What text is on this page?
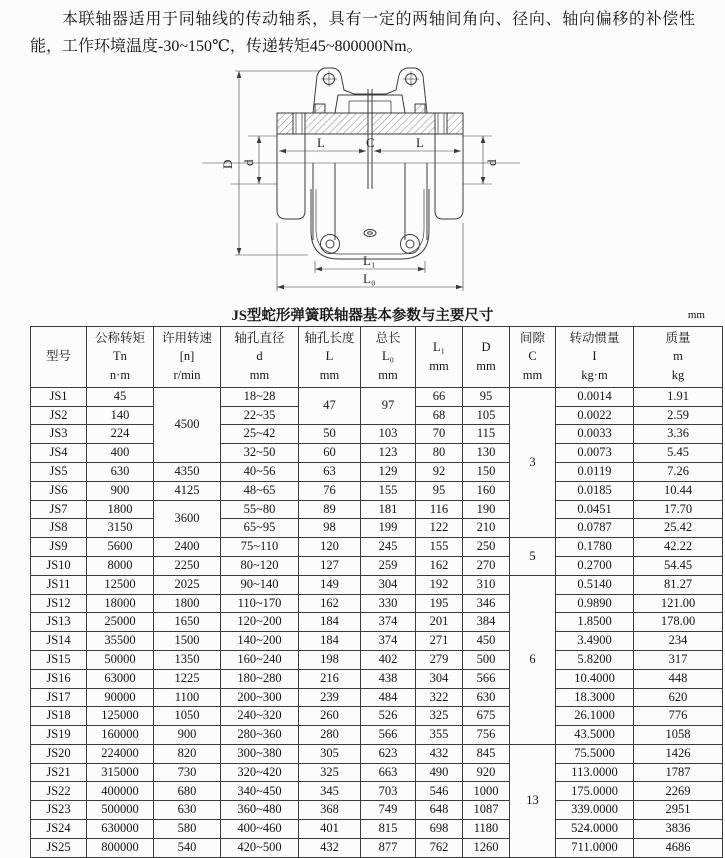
本联轴器适用于同轴线的传动轴系，具有一定的两轴间角向、径向、轴向偏移的补偿性能，工作环境温度-30~150℃，传递转矩45~800000Nm。

D d	d
L	C	L
L₁
L₀
JS型蛇形弹簧联轴器基本参数与主要尺寸	mm
型号	公称转矩
Tn
n·m	许用转速
[n]
r/min	轴孔直径
d
mm	轴孔长度
L
mm	总长
L₀
mm	L₁
mm	D
mm	间隙
C
mm	转动惯量
I
kg·m	质量
m
kg
JS1	45	4500	18~28	47	97	66	95	3	0.0014	1.91
JS2	140		22~35			68	105		0.0022	2.59
JS3	224		25~42	50	103	70	115		0.0033	3.36
JS4	400		32~50	60	123	80	130		0.0073	5.45
JS5	630	4350	40~56	63	129	92	150		0.0119	7.26
JS6	900	4125	48~65	76	155	95	160		0.0185	10.44
JS7	1800	3600	55~80	89	181	116	190		0.0451	17.70
JS8	3150		65~95	98	199	122	210		0.0787	25.42
JS9	5600	2400	75~110	120	245	155	250	5	0.1780	42.22
JS10	8000	2250	80~120	127	259	162	270		0.2700	54.45
JS11	12500	2025	90~140	149	304	192	310	6	0.5140	81.27
JS12	18000	1800	110~170	162	330	195	346		0.9890	121.00
JS13	25000	1650	120~200	184	374	201	384		1.8500	178.00
JS14	35500	1500	140~200	184	374	271	450		3.4900	234
JS15	50000	1350	160~240	198	402	279	500		5.8200	317
JS16	63000	1225	180~280	216	438	304	566		10.4000	448
JS17	90000	1100	200~300	239	484	322	630		18.3000	620
JS18	125000	1050	240~320	260	526	325	675		26.1000	776
JS19	160000	900	280~360	280	566	355	756		43.5000	1058
JS20	224000	820	300~380	305	623	432	845	13	75.5000	1426
JS21	315000	730	320~420	325	663	490	920		113.0000	1787
JS22	400000	680	340~450	345	703	546	1000		175.0000	2269
JS23	500000	630	360~480	368	749	648	1087		339.0000	2951
JS24	630000	580	400~460	401	815	698	1180		524.0000	3836
JS25	800000	540	420~500	432	877	762	1260		711.0000	4686
